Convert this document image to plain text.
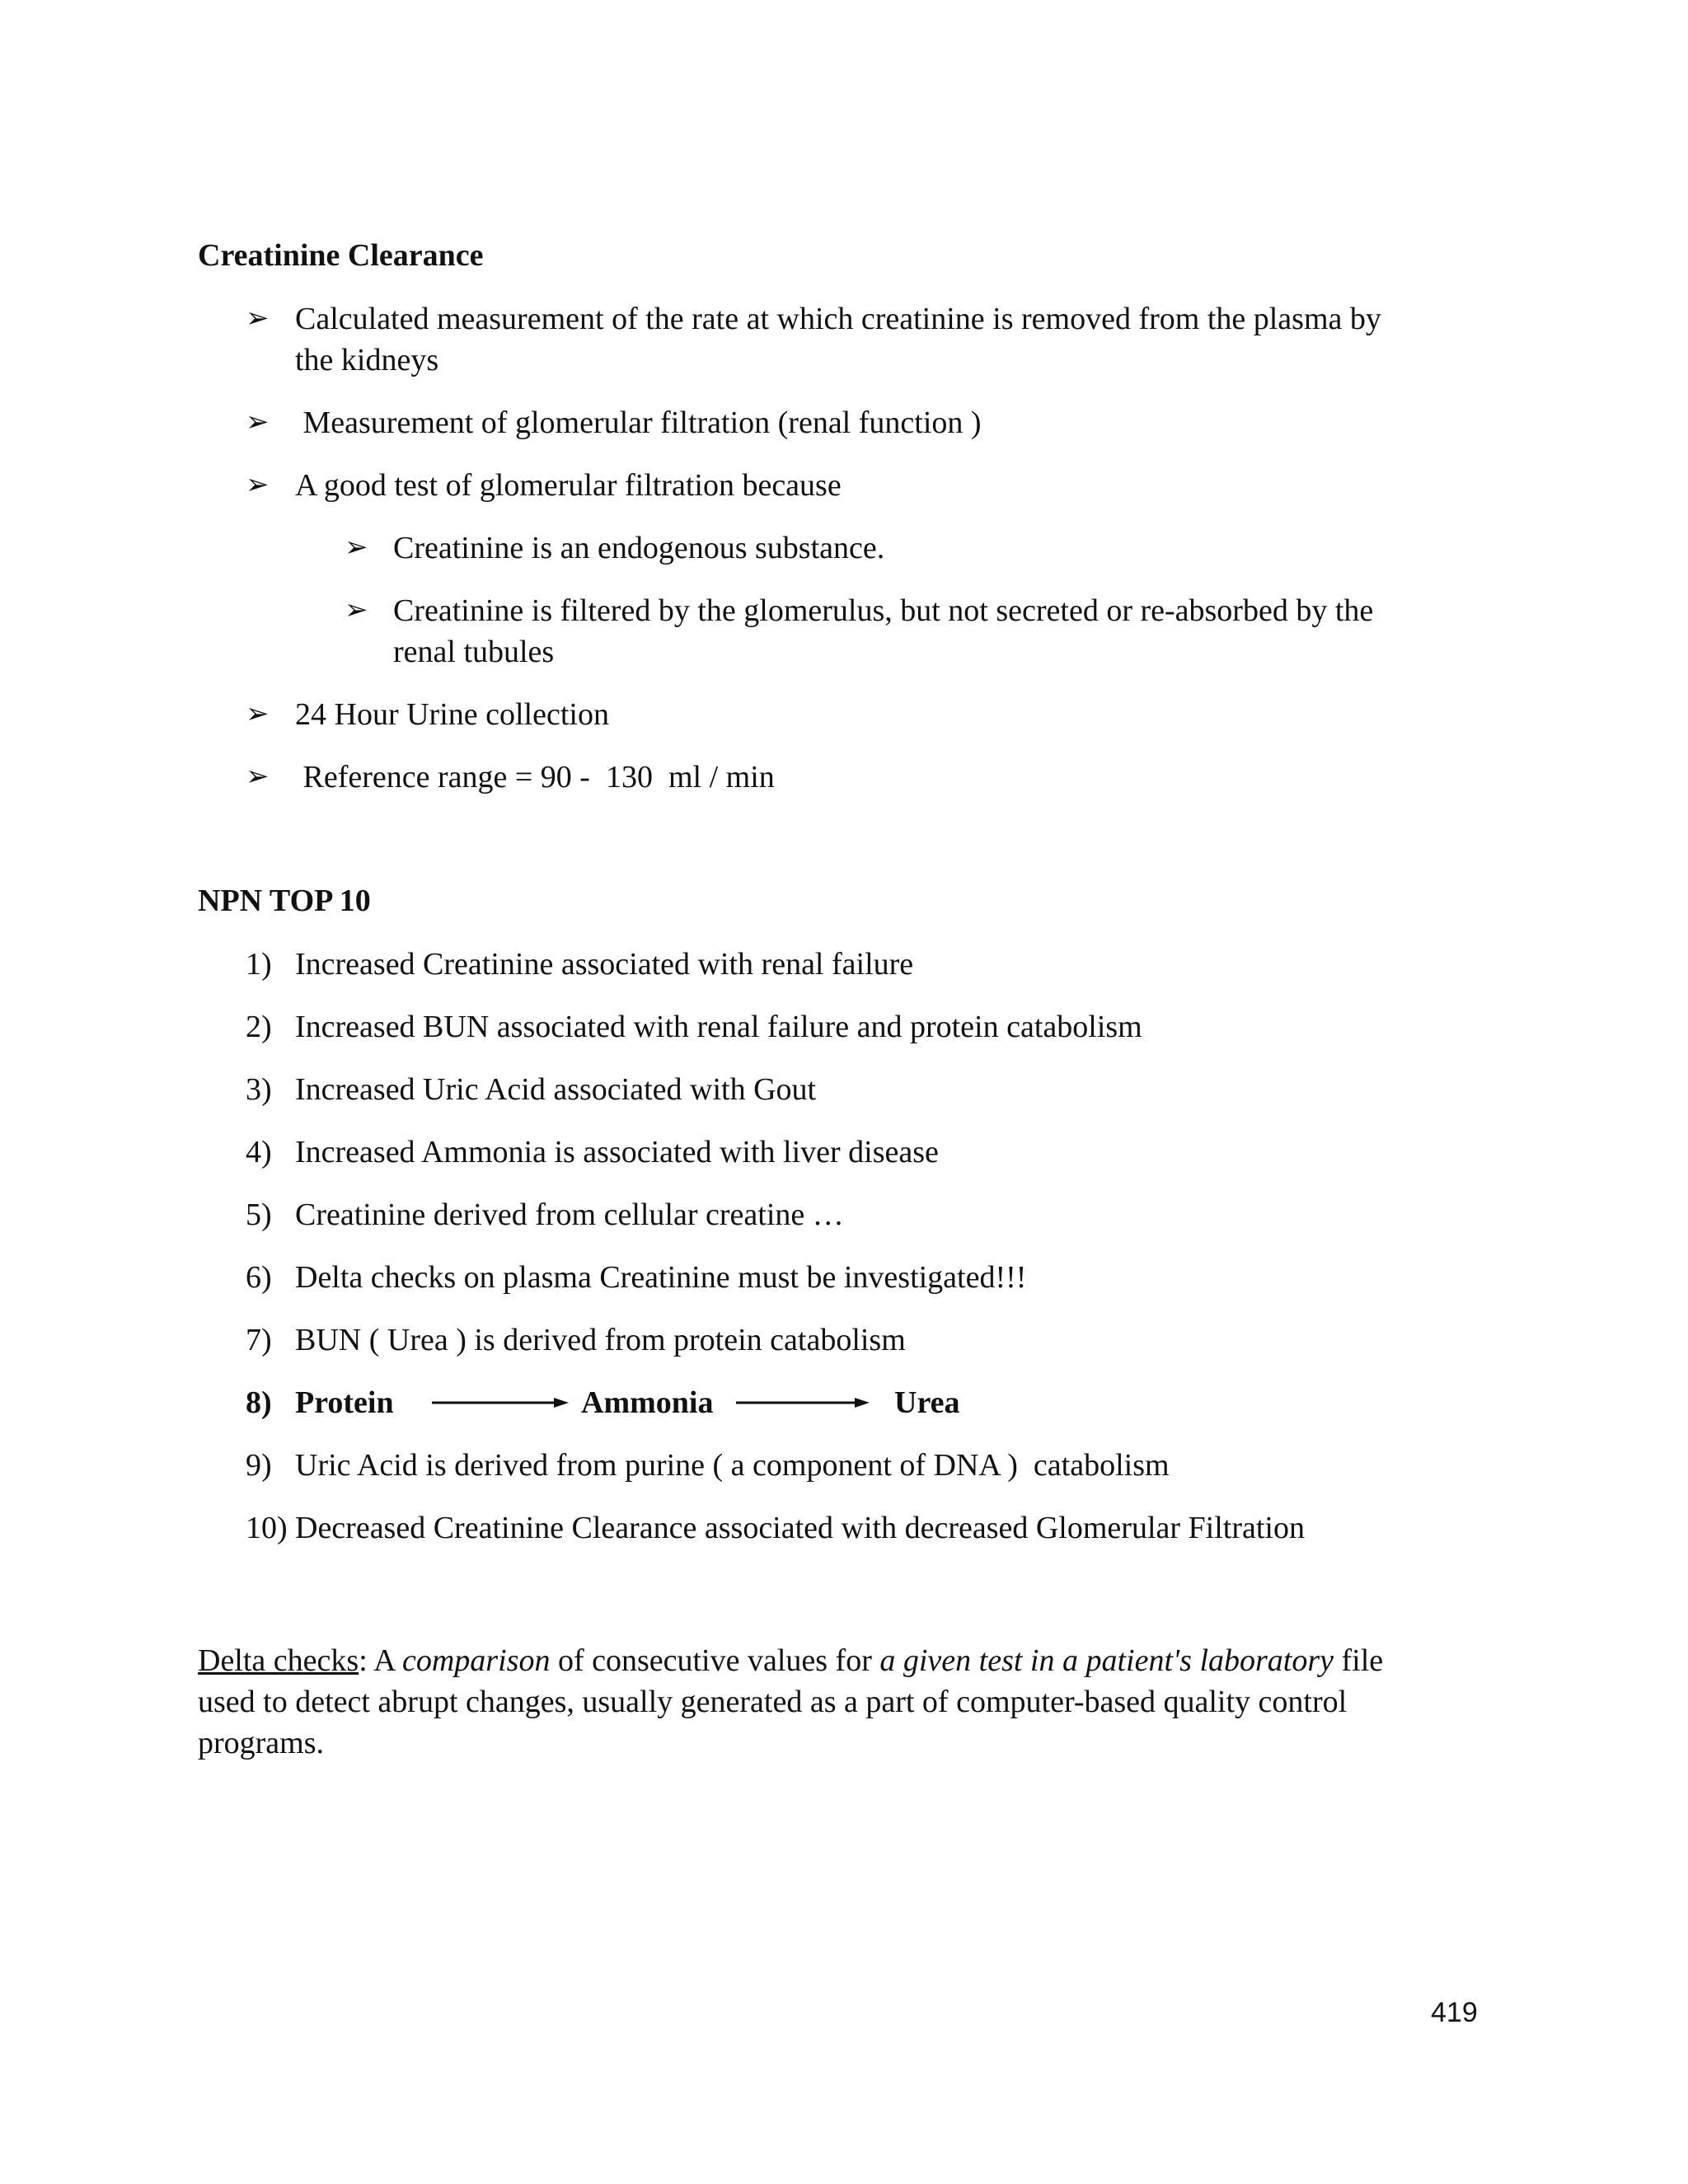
Creatinine Clearance
➢ Calculated measurement of the rate at which creatinine is removed from the plasma by
the kidneys
➢ Measurement of glomerular filtration (renal function )
➢ A good test of glomerular filtration because
➢ Creatinine is an endogenous substance.
➢ Creatinine is filtered by the glomerulus, but not secreted or re-absorbed by the
renal tubules
➢ 24 Hour Urine collection
➢ Reference range = 90 -  130  ml / min
NPN TOP 10
1) Increased Creatinine associated with renal failure
2) Increased BUN associated with renal failure and protein catabolism
3) Increased Uric Acid associated with Gout
4) Increased Ammonia is associated with liver disease
5) Creatinine derived from cellular creatine …
6) Delta checks on plasma Creatinine must be investigated!!!
7) BUN ( Urea ) is derived from protein catabolism
8) Protein	Ammonia	Urea
9) Uric Acid is derived from purine ( a component of DNA )  catabolism
10) Decreased Creatinine Clearance associated with decreased Glomerular Filtration
Delta checks: A comparison of consecutive values for a given test in a patient's laboratory file
used to detect abrupt changes, usually generated as a part of computer-based quality control
programs.
419
